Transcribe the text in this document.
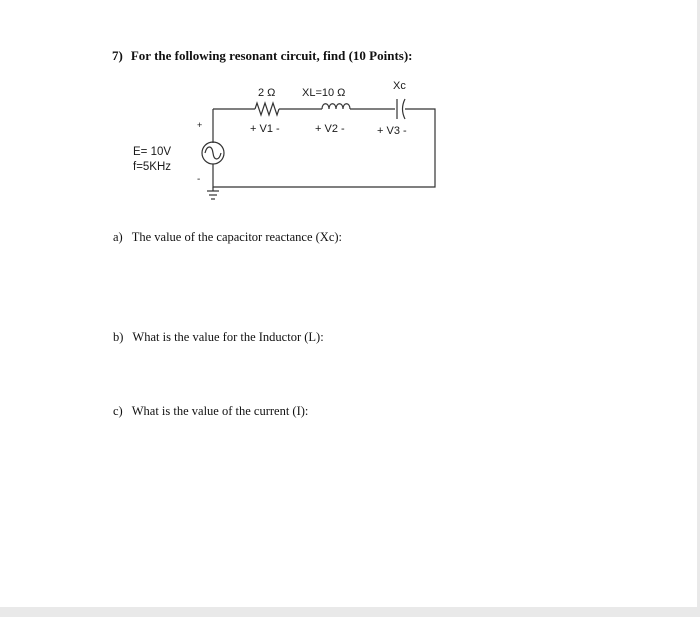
7) For the following resonant circuit, find (10 Points):
2 Ω XL=10 Ω
Xc
+ V1 -	+ V2 -	+ V3 -
+
-
E= 10V
f=5KHz
a) The value of the capacitor reactance (Xc):
b) What is the value for the Inductor (L):
c) What is the value of the current (I):
